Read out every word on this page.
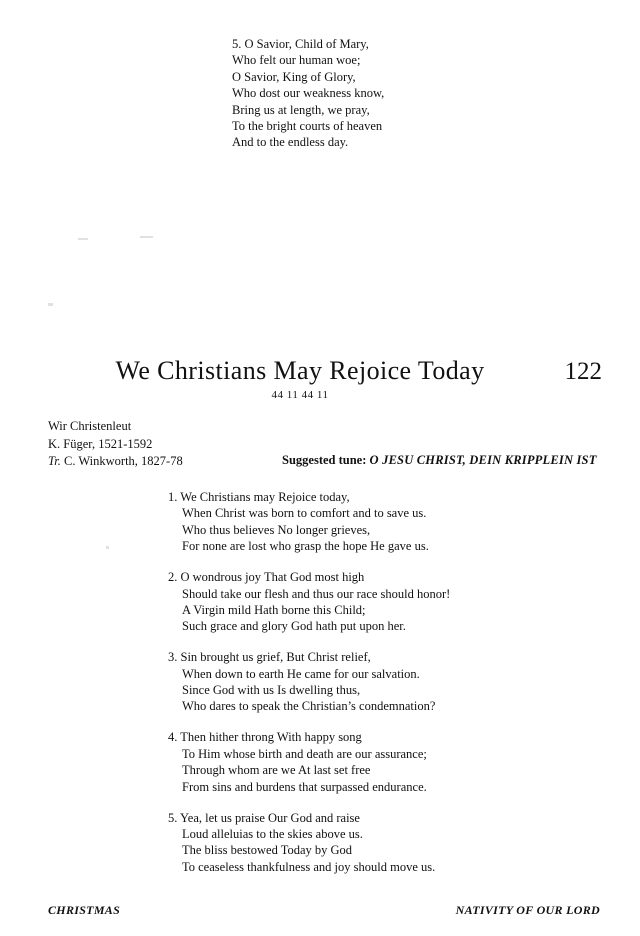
5. O Savior, Child of Mary,
Who felt our human woe;
O Savior, King of Glory,
Who dost our weakness know,
Bring us at length, we pray,
To the bright courts of heaven
And to the endless day.
We Christians May Rejoice Today	122
44 11 44 11
Wir Christenleut
K. Füger, 1521-1592
Tr. C. Winkworth, 1827-78	Suggested tune: O JESU CHRIST, DEIN KRIPPLEIN IST
1. We Christians may Rejoice today,
When Christ was born to comfort and to save us.
Who thus believes No longer grieves,
For none are lost who grasp the hope He gave us.
2. O wondrous joy That God most high
Should take our flesh and thus our race should honor!
A Virgin mild Hath borne this Child;
Such grace and glory God hath put upon her.
3. Sin brought us grief, But Christ relief,
When down to earth He came for our salvation.
Since God with us Is dwelling thus,
Who dares to speak the Christian’s condemnation?
4. Then hither throng With happy song
To Him whose birth and death are our assurance;
Through whom are we At last set free
From sins and burdens that surpassed endurance.
5. Yea, let us praise Our God and raise
Loud alleluias to the skies above us.
The bliss bestowed Today by God
To ceaseless thankfulness and joy should move us.
CHRISTMAS	NATIVITY OF OUR LORD
